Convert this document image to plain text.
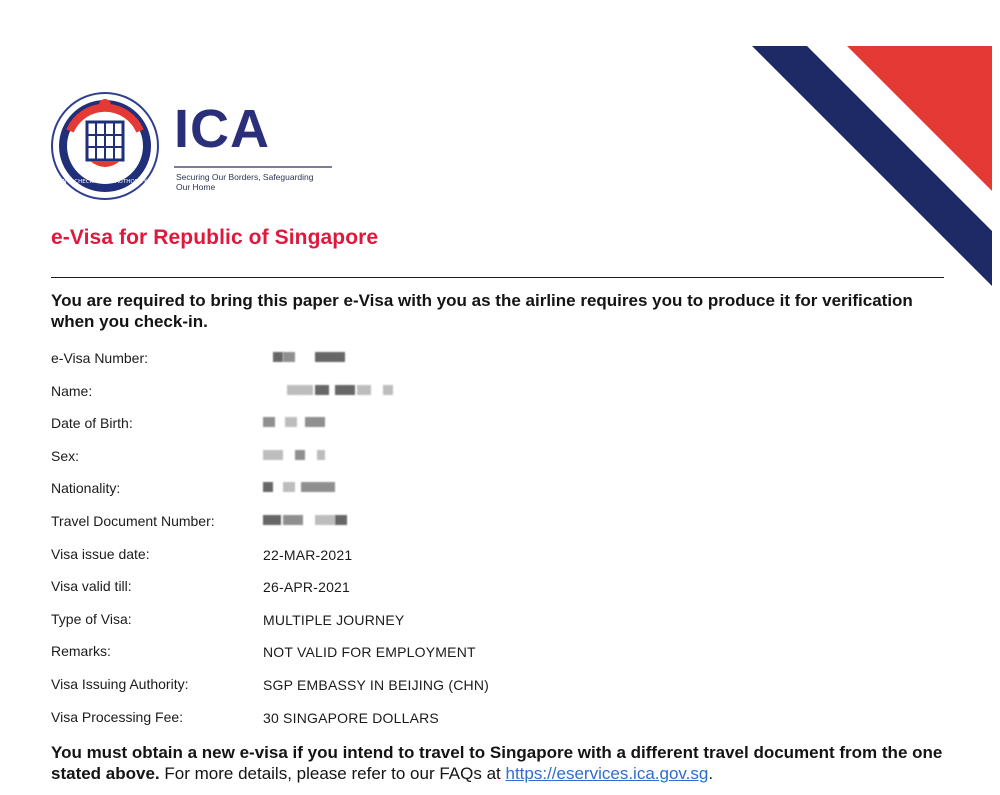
IMMIGRATION & CHECKPOINTS AUTHORITY SINGAPORE
ICA
Securing Our Borders, Safeguarding Our Home
e-Visa for Republic of Singapore
You are required to bring this paper e-Visa with you as the airline requires you to produce it for verification when you check-in.
e-Visa Number:
Name:
Date of Birth:
Sex:
Nationality:
Travel Document Number:
Visa issue date:	22-MAR-2021
Visa valid till:	26-APR-2021
Type of Visa:	MULTIPLE JOURNEY
Remarks:	NOT VALID FOR EMPLOYMENT
Visa Issuing Authority:	SGP EMBASSY IN BEIJING (CHN)
Visa Processing Fee:	30 SINGAPORE DOLLARS
You must obtain a new e-visa if you intend to travel to Singapore with a different travel document from the one stated above. For more details, please refer to our FAQs at https://eservices.ica.gov.sg.
